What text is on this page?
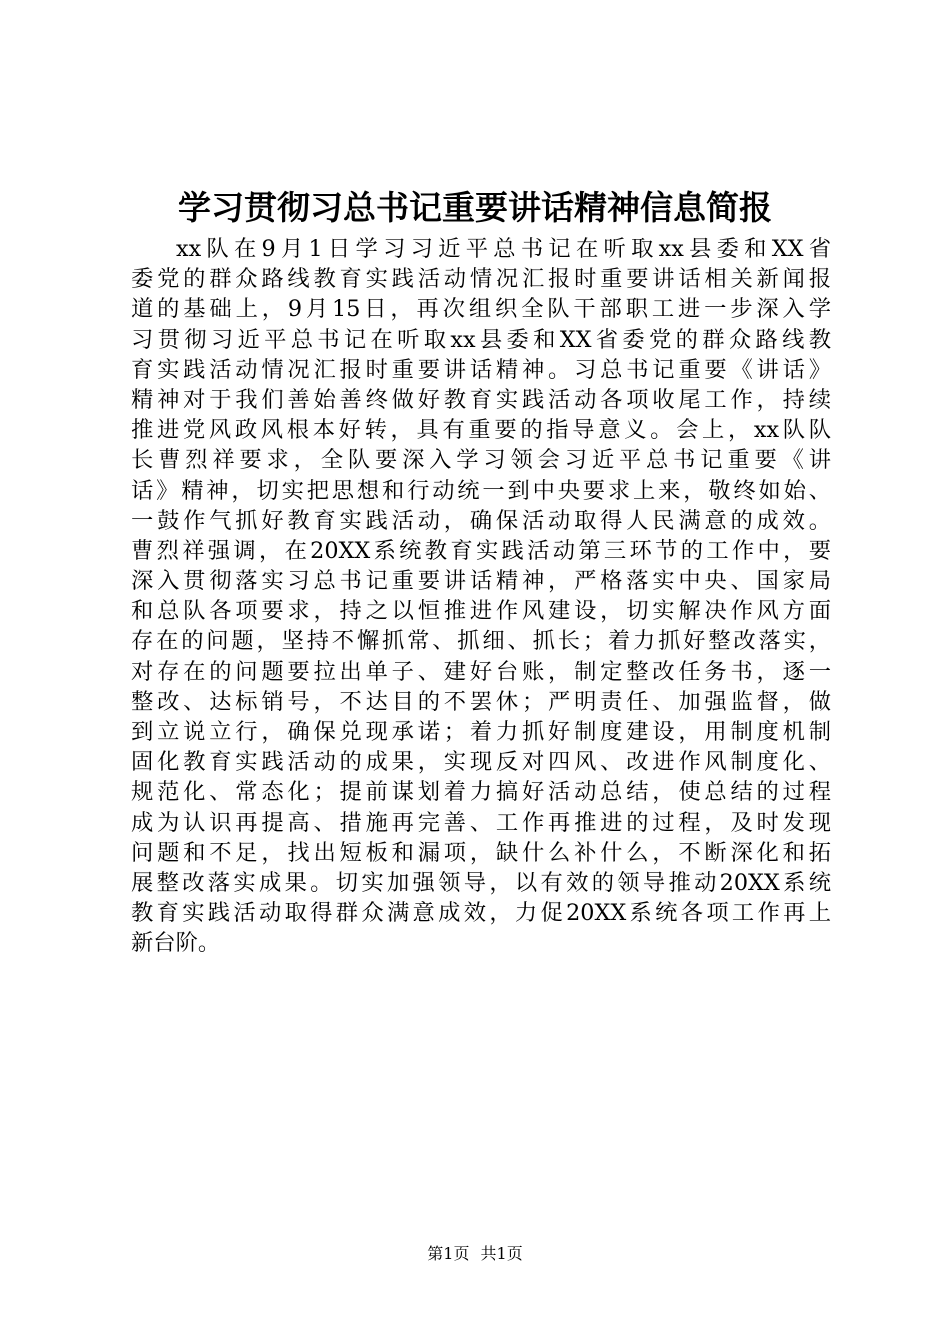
学习贯彻习总书记重要讲话精神信息简报
xx队在9月1日学习习近平总书记在听取xx县委和XX省
委党的群众路线教育实践活动情况汇报时重要讲话相关新闻报
道的基础上，9月15日，再次组织全队干部职工进一步深入学
习贯彻习近平总书记在听取xx县委和XX省委党的群众路线教
育实践活动情况汇报时重要讲话精神。习总书记重要《讲话》
精神对于我们善始善终做好教育实践活动各项收尾工作，持续
推进党风政风根本好转，具有重要的指导意义。会上，xx队队
长曹烈祥要求，全队要深入学习领会习近平总书记重要《讲
话》精神，切实把思想和行动统一到中央要求上来，敬终如始、
一鼓作气抓好教育实践活动，确保活动取得人民满意的成效。
曹烈祥强调，在20XX系统教育实践活动第三环节的工作中，要
深入贯彻落实习总书记重要讲话精神，严格落实中央、国家局
和总队各项要求，持之以恒推进作风建设，切实解决作风方面
存在的问题，坚持不懈抓常、抓细、抓长；着力抓好整改落实，
对存在的问题要拉出单子、建好台账，制定整改任务书，逐一
整改、达标销号，不达目的不罢休；严明责任、加强监督，做
到立说立行，确保兑现承诺；着力抓好制度建设，用制度机制
固化教育实践活动的成果，实现反对四风、改进作风制度化、
规范化、常态化；提前谋划着力搞好活动总结，使总结的过程
成为认识再提高、措施再完善、工作再推进的过程，及时发现
问题和不足，找出短板和漏项，缺什么补什么，不断深化和拓
展整改落实成果。切实加强领导，以有效的领导推动20XX系统
教育实践活动取得群众满意成效，力促20XX系统各项工作再上
新台阶。
第1页 共1页
